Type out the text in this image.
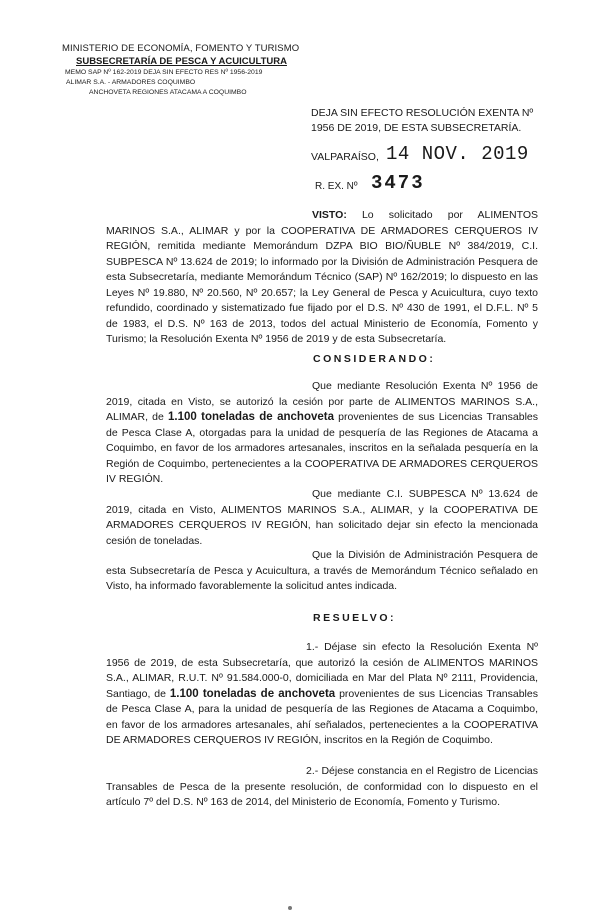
MINISTERIO DE ECONOMÍA, FOMENTO Y TURISMO
SUBSECRETARÍA DE PESCA Y ACUICULTURA
MEMO SAP Nº 162-2019 DEJA SIN EFECTO RES Nº 1956-2019
ALIMAR S.A. - ARMADORES COQUIMBO
ANCHOVETA REGIONES ATACAMA A COQUIMBO
DEJA SIN EFECTO RESOLUCIÓN EXENTA Nº 1956 DE 2019, DE ESTA SUBSECRETARÍA.
VALPARAÍSO, 14 NOV. 2019
R. EX. Nº 3473

VISTO: Lo solicitado por ALIMENTOS MARINOS S.A., ALIMAR y por la COOPERATIVA DE ARMADORES CERQUEROS IV REGIÓN, remitida mediante Memorándum DZPA BIO BIO/ÑUBLE Nº 384/2019, C.I. SUBPESCA Nº 13.624 de 2019; lo informado por la División de Administración Pesquera de esta Subsecretaría, mediante Memorándum Técnico (SAP) Nº 162/2019; lo dispuesto en las Leyes Nº 19.880, Nº 20.560, Nº 20.657; la Ley General de Pesca y Acuicultura, cuyo texto refundido, coordinado y sistematizado fue fijado por el D.S. Nº 430 de 1991, el D.F.L. Nº 5 de 1983, el D.S. Nº 163 de 2013, todos del actual Ministerio de Economía, Fomento y Turismo; la Resolución Exenta Nº 1956 de 2019 y de esta Subsecretaría.

CONSIDERANDO:

Que mediante Resolución Exenta Nº 1956 de 2019, citada en Visto, se autorizó la cesión por parte de ALIMENTOS MARINOS S.A., ALIMAR, de 1.100 toneladas de anchoveta provenientes de sus Licencias Transables de Pesca Clase A, otorgadas para la unidad de pesquería de las Regiones de Atacama a Coquimbo, en favor de los armadores artesanales, inscritos en la señalada pesquería en la Región de Coquimbo, pertenecientes a la COOPERATIVA DE ARMADORES CERQUEROS IV REGIÓN.

Que mediante C.I. SUBPESCA Nº 13.624 de 2019, citada en Visto, ALIMENTOS MARINOS S.A., ALIMAR, y la COOPERATIVA DE ARMADORES CERQUEROS IV REGIÓN, han solicitado dejar sin efecto la mencionada cesión de toneladas.

Que la División de Administración Pesquera de esta Subsecretaría de Pesca y Acuicultura, a través de Memorándum Técnico señalado en Visto, ha informado favorablemente la solicitud antes indicada.

RESUELVO:

1.- Déjase sin efecto la Resolución Exenta Nº 1956 de 2019, de esta Subsecretaría, que autorizó la cesión de ALIMENTOS MARINOS S.A., ALIMAR, R.U.T. Nº 91.584.000-0, domiciliada en Mar del Plata Nº 2111, Providencia, Santiago, de 1.100 toneladas de anchoveta provenientes de sus Licencias Transables de Pesca Clase A, para la unidad de pesquería de las Regiones de Atacama a Coquimbo, en favor de los armadores artesanales, ahí señalados, pertenecientes a la COOPERATIVA DE ARMADORES CERQUEROS IV REGIÓN, inscritos en la Región de Coquimbo.

2.- Déjese constancia en el Registro de Licencias Transables de Pesca de la presente resolución, de conformidad con lo dispuesto en el artículo 7º del D.S. Nº 163 de 2014, del Ministerio de Economía, Fomento y Turismo.
